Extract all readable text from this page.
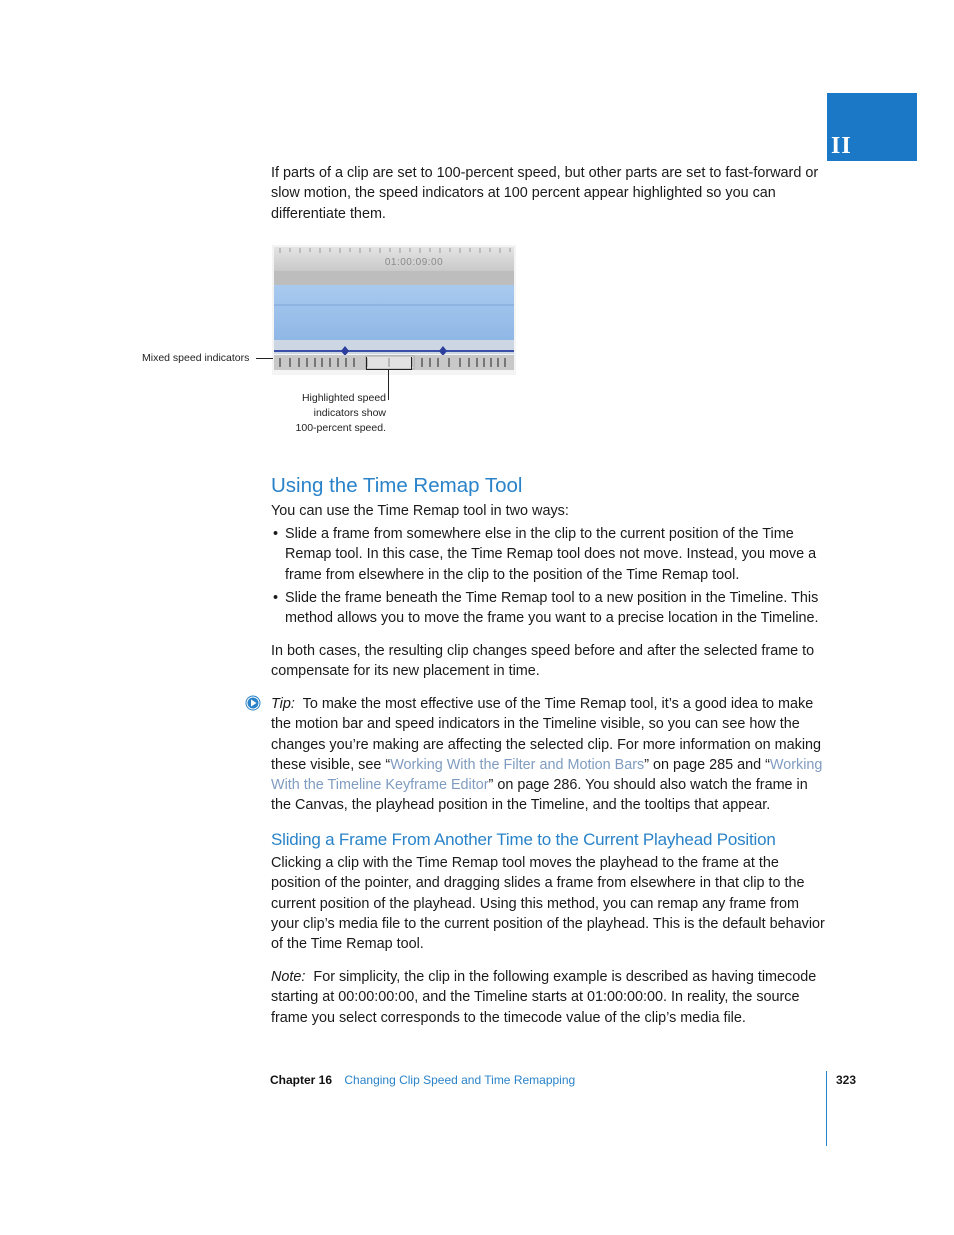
II

If parts of a clip are set to 100-percent speed, but other parts are set to fast-forward or slow motion, the speed indicators at 100 percent appear highlighted so you can differentiate them.

01:00:09:00
Mixed speed indicators
Highlighted speed
indicators show
100-percent speed.
Using the Time Remap Tool

You can use the Time Remap tool in two ways:

• Slide a frame from somewhere else in the clip to the current position of the Time Remap tool. In this case, the Time Remap tool does not move. Instead, you move a frame from elsewhere in the clip to the position of the Time Remap tool.
• Slide the frame beneath the Time Remap tool to a new position in the Timeline. This method allows you to move the frame you want to a precise location in the Timeline.

In both cases, the resulting clip changes speed before and after the selected frame to compensate for its new placement in time.

Tip: To make the most effective use of the Time Remap tool, it’s a good idea to make the motion bar and speed indicators in the Timeline visible, so you can see how the changes you’re making are affecting the selected clip. For more information on making these visible, see “Working With the Filter and Motion Bars” on page 285 and “Working With the Timeline Keyframe Editor” on page 286. You should also watch the frame in the Canvas, the playhead position in the Timeline, and the tooltips that appear.

Sliding a Frame From Another Time to the Current Playhead Position

Clicking a clip with the Time Remap tool moves the playhead to the frame at the position of the pointer, and dragging slides a frame from elsewhere in that clip to the current position of the playhead. Using this method, you can remap any frame from your clip’s media file to the current position of the playhead. This is the default behavior of the Time Remap tool.

Note: For simplicity, the clip in the following example is described as having timecode starting at 00:00:00:00, and the Timeline starts at 01:00:00:00. In reality, the source frame you select corresponds to the timecode value of the clip’s media file.

Chapter 16 Changing Clip Speed and Time Remapping	323
